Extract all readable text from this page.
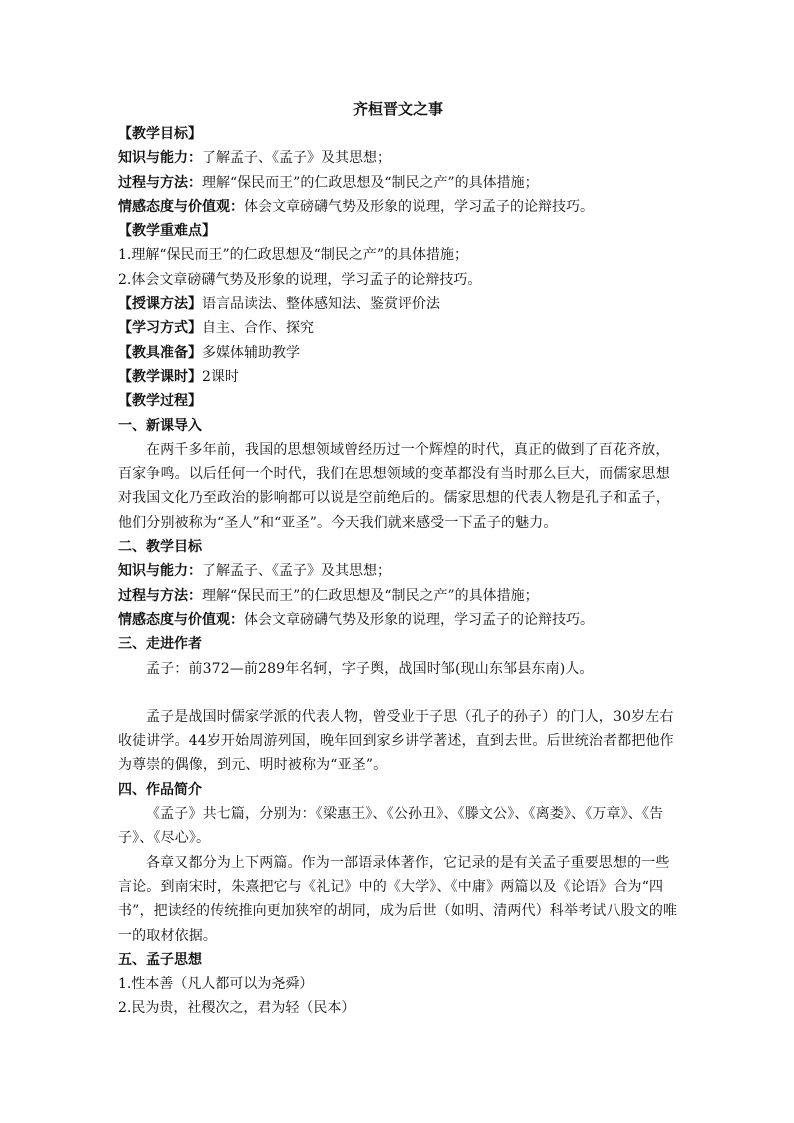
齐桓晋文之事
【教学目标】
知识与能力：了解孟子、《孟子》及其思想；
过程与方法：理解“保民而王”的仁政思想及“制民之产”的具体措施；
情感态度与价值观：体会文章磅礴气势及形象的说理，学习孟子的论辩技巧。
【教学重难点】
1.理解“保民而王”的仁政思想及“制民之产”的具体措施；
2.体会文章磅礴气势及形象的说理，学习孟子的论辩技巧。
【授课方法】语言品读法、整体感知法、鉴赏评价法
【学习方式】自主、合作、探究
【教具准备】多媒体辅助教学
【教学课时】2课时
【教学过程】
一、新课导入
在两千多年前，我国的思想领域曾经历过一个辉煌的时代，真正的做到了百花齐放，百家争鸣。以后任何一个时代，我们在思想领域的变革都没有当时那么巨大，而儒家思想对我国文化乃至政治的影响都可以说是空前绝后的。儒家思想的代表人物是孔子和孟子，他们分别被称为“圣人”和“亚圣”。今天我们就来感受一下孟子的魅力。
二、教学目标
知识与能力：了解孟子、《孟子》及其思想；
过程与方法：理解“保民而王”的仁政思想及“制民之产”的具体措施；
情感态度与价值观：体会文章磅礴气势及形象的说理，学习孟子的论辩技巧。
三、走进作者
孟子：前372—前289年名轲，字子舆，战国时邹(现山东邹县东南)人。
孟子是战国时儒家学派的代表人物，曾受业于子思（孔子的孙子）的门人，30岁左右收徒讲学。44岁开始周游列国，晚年回到家乡讲学著述，直到去世。后世统治者都把他作为尊崇的偶像，到元、明时被称为“亚圣”。
四、作品简介
《孟子》共七篇，分别为：《梁惠王》、《公孙丑》、《滕文公》、《离娄》、《万章》、《告子》、《尽心》。
各章又都分为上下两篇。作为一部语录体著作，它记录的是有关孟子重要思想的一些言论。到南宋时，朱熹把它与《礼记》中的《大学》、《中庸》两篇以及《论语》合为“四书”，把读经的传统推向更加狭窄的胡同，成为后世（如明、清两代）科举考试八股文的唯一的取材依据。
五、孟子思想
1.性本善（凡人都可以为尧舜）
2.民为贵，社稷次之，君为轻（民本）
